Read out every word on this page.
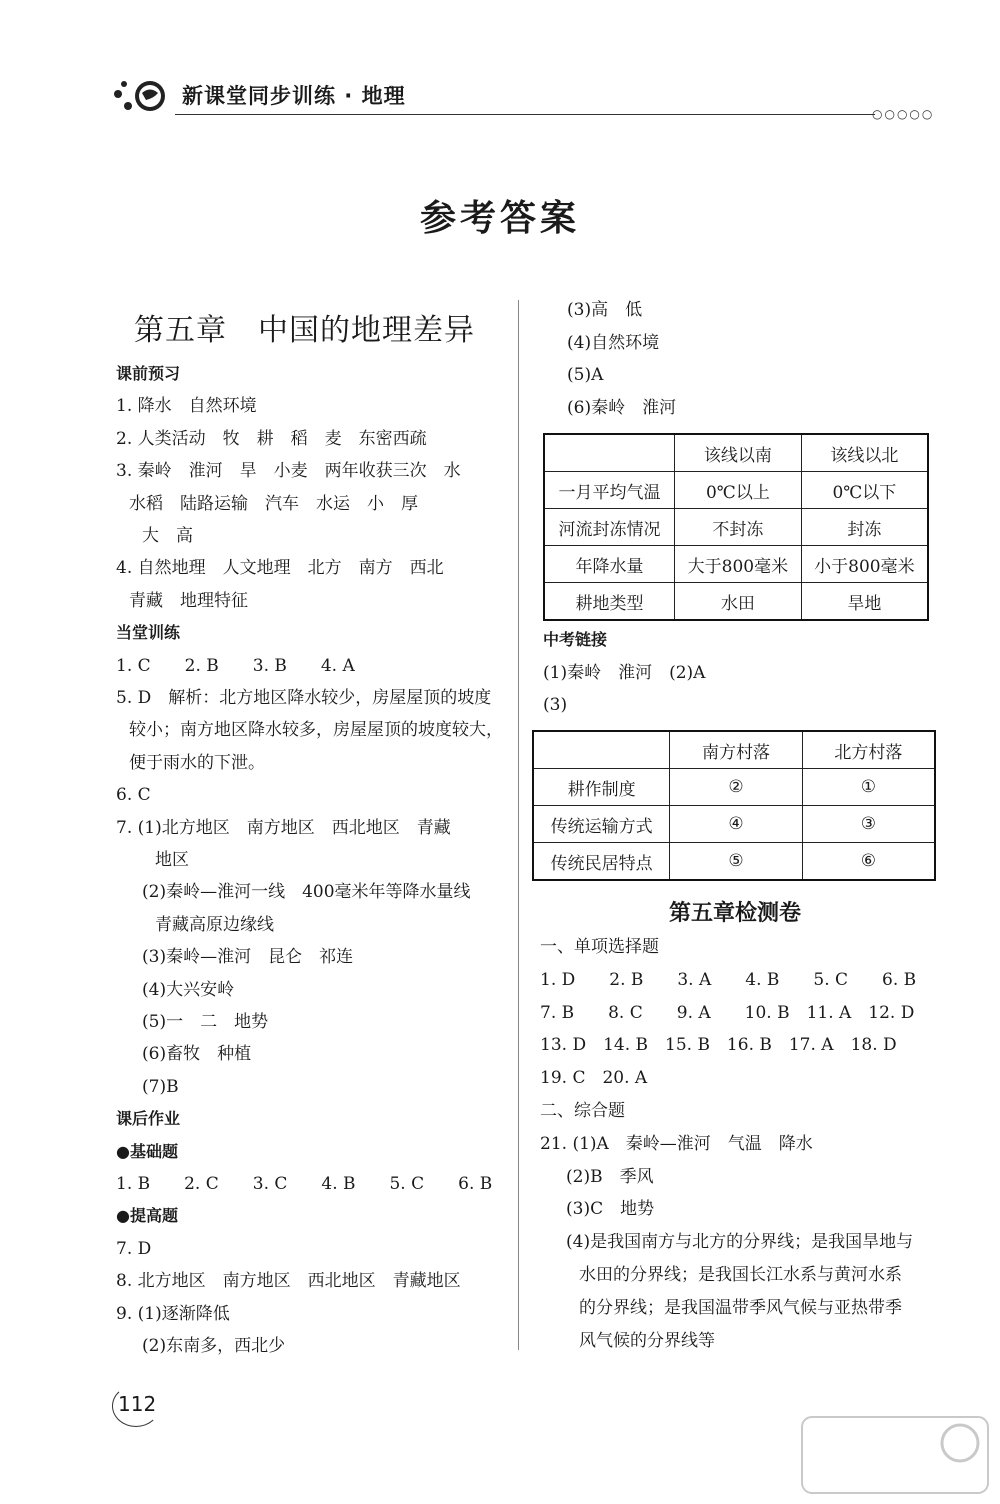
新课堂同步训练 · 地理
○○○○○
参考答案
第五章　中国的地理差异
课前预习
1. 降水　自然环境
2. 人类活动　牧　耕　稻　麦　东密西疏
3. 秦岭　淮河　旱　小麦　两年收获三次　水
水稻　陆路运输　汽车　水运　小　厚
大　高
4. 自然地理　人文地理　北方　南方　西北
青藏　地理特征
当堂训练
1. C　　2. B　　3. B　　4. A
5. D　解析：北方地区降水较少，房屋屋顶的坡度
较小；南方地区降水较多，房屋屋顶的坡度较大，
便于雨水的下泄。
6. C
7. (1)北方地区　南方地区　西北地区　青藏
地区
(2)秦岭—淮河一线　400毫米年等降水量线
青藏高原边缘线
(3)秦岭—淮河　昆仑　祁连
(4)大兴安岭
(5)一　二　地势
(6)畜牧　种植
(7)B
课后作业
●基础题
1. B　　2. C　　3. C　　4. B　　5. C　　6. B
●提高题
7. D
8. 北方地区　南方地区　西北地区　青藏地区
9. (1)逐渐降低
(2)东南多，西北少
(3)高　低
(4)自然环境
(5)A
(6)秦岭　淮河
	该线以南	该线以北
一月平均气温	0℃以上	0℃以下
河流封冻情况	不封冻	封冻
年降水量	大于800毫米	小于800毫米
耕地类型	水田	旱地
中考链接
(1)秦岭　淮河　(2)A
(3)
	南方村落	北方村落
耕作制度	②	①
传统运输方式	④	③
传统民居特点	⑤	⑥
第五章检测卷
一、单项选择题
1. D　　2. B　　3. A　　4. B　　5. C　　6. B
7. B　　8. C　　9. A　　10. B　11. A　12. D
13. D　14. B　15. B　16. B　17. A　18. D
19. C　20. A
二、综合题
21. (1)A　秦岭—淮河　气温　降水
(2)B　季风
(3)C　地势
(4)是我国南方与北方的分界线；是我国旱地与
水田的分界线；是我国长江水系与黄河水系
的分界线；是我国温带季风气候与亚热带季
风气候的分界线等
112
